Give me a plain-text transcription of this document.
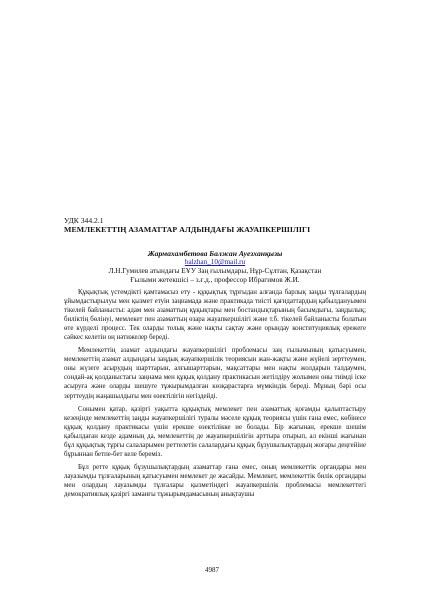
УДК 344.2.1

МЕМЛЕКЕТТІҢ АЗАМАТТАР АЛДЫНДАҒЫ ЖАУАПКЕРШІЛІГІ

Жармахамбетова Балжан Ауезханқызы

balzhan_10@mail.ru

Л.Н.Гумилев атындағы ЕҰУ Заң ғылымдары, Нұр-Сұлтан, Қазақстан

Ғылыми жетекшісі – з.ғ.д., профессор Ибрагимов Ж.И.

Құқықтық үстемдікті қамтамасыз ету - құқықтық тұрғыдан алғанда барлық заңды тұлғалардың ұйымдастырылуы мен қызмет етуін заңнамада және практикада тиісті қағидаттардың қабылдануымен тікелей байланысты: адам мен азаматтың құқықтары мен бостандықтарының басымдығы, заңдылық; биліктің бөлінуі, мемлекет пен азаматтың өзара жауапкершілігі және т.б. тікелей байланысты болатын өте күрделі процесс. Тек оларды толық және нақты сақтау және орындау конституциялық ережеге сәйкес келетін оң нәтижелер береді.

Мемлекеттің азамат алдындағы жауапкершілігі проблемасы заң ғылымының қатысуымен, мемлекеттің азамат алдындағы заңдық жауапкершілік теориясын жан-жақты және жүйелі зерттеумен, оны жүзеге асырудың шарттарын, алғышарттарын, мақсаттары мен нақты жолдарын талдаумен, сондай-ақ қолданыстағы заңнама мен құқық қолдану практикасын жетілдіру жолымен оны тиімді іске асыруға және оларды шешуге тұжырымдалған көзқарастарға мүмкіндік береді. Мұның бәрі осы зерттеудің жаңашылдығы мен өзектілігін негіздейді.

Сонымен қатар, қазіргі уақытта құқықтық мемлекет пен азаматтық қоғамды қалыптастыру кезеңінде мемлекеттің заңды жауапкершілігі туралы мәселе құқық теориясы үшін ғана емес, көбінесе құқық қолдану практикасы үшін ерекше өзектілікке ие болады. Бір жағынан, ерекше шешім қабылдаған кезде адамның да, мемлекеттің де жауапкершілігін арттыра отырып, ал екінші жағынан бұл құқықтық тұрғы салаларымен реттелетін салалардағы құқық бұзушылықтардың жоғары деңгейіне бұрыннан бетпе-бет келе береміз.

Бұл ретте құқық бұзушылықтардың азаматтар ғана емес, оның мемлекеттік органдары мен лауазымды тұлғаларының қатысуымен мемлекет де жасайды. Мемлекет, мемлекеттік билік органдары мен олардың лауазымды тұлғалары қызметіндегі жауапкершілік проблемасы мемлекеттегі демократиялық қазіргі заманғы тұжырымдамасының анықтаушы

4987
